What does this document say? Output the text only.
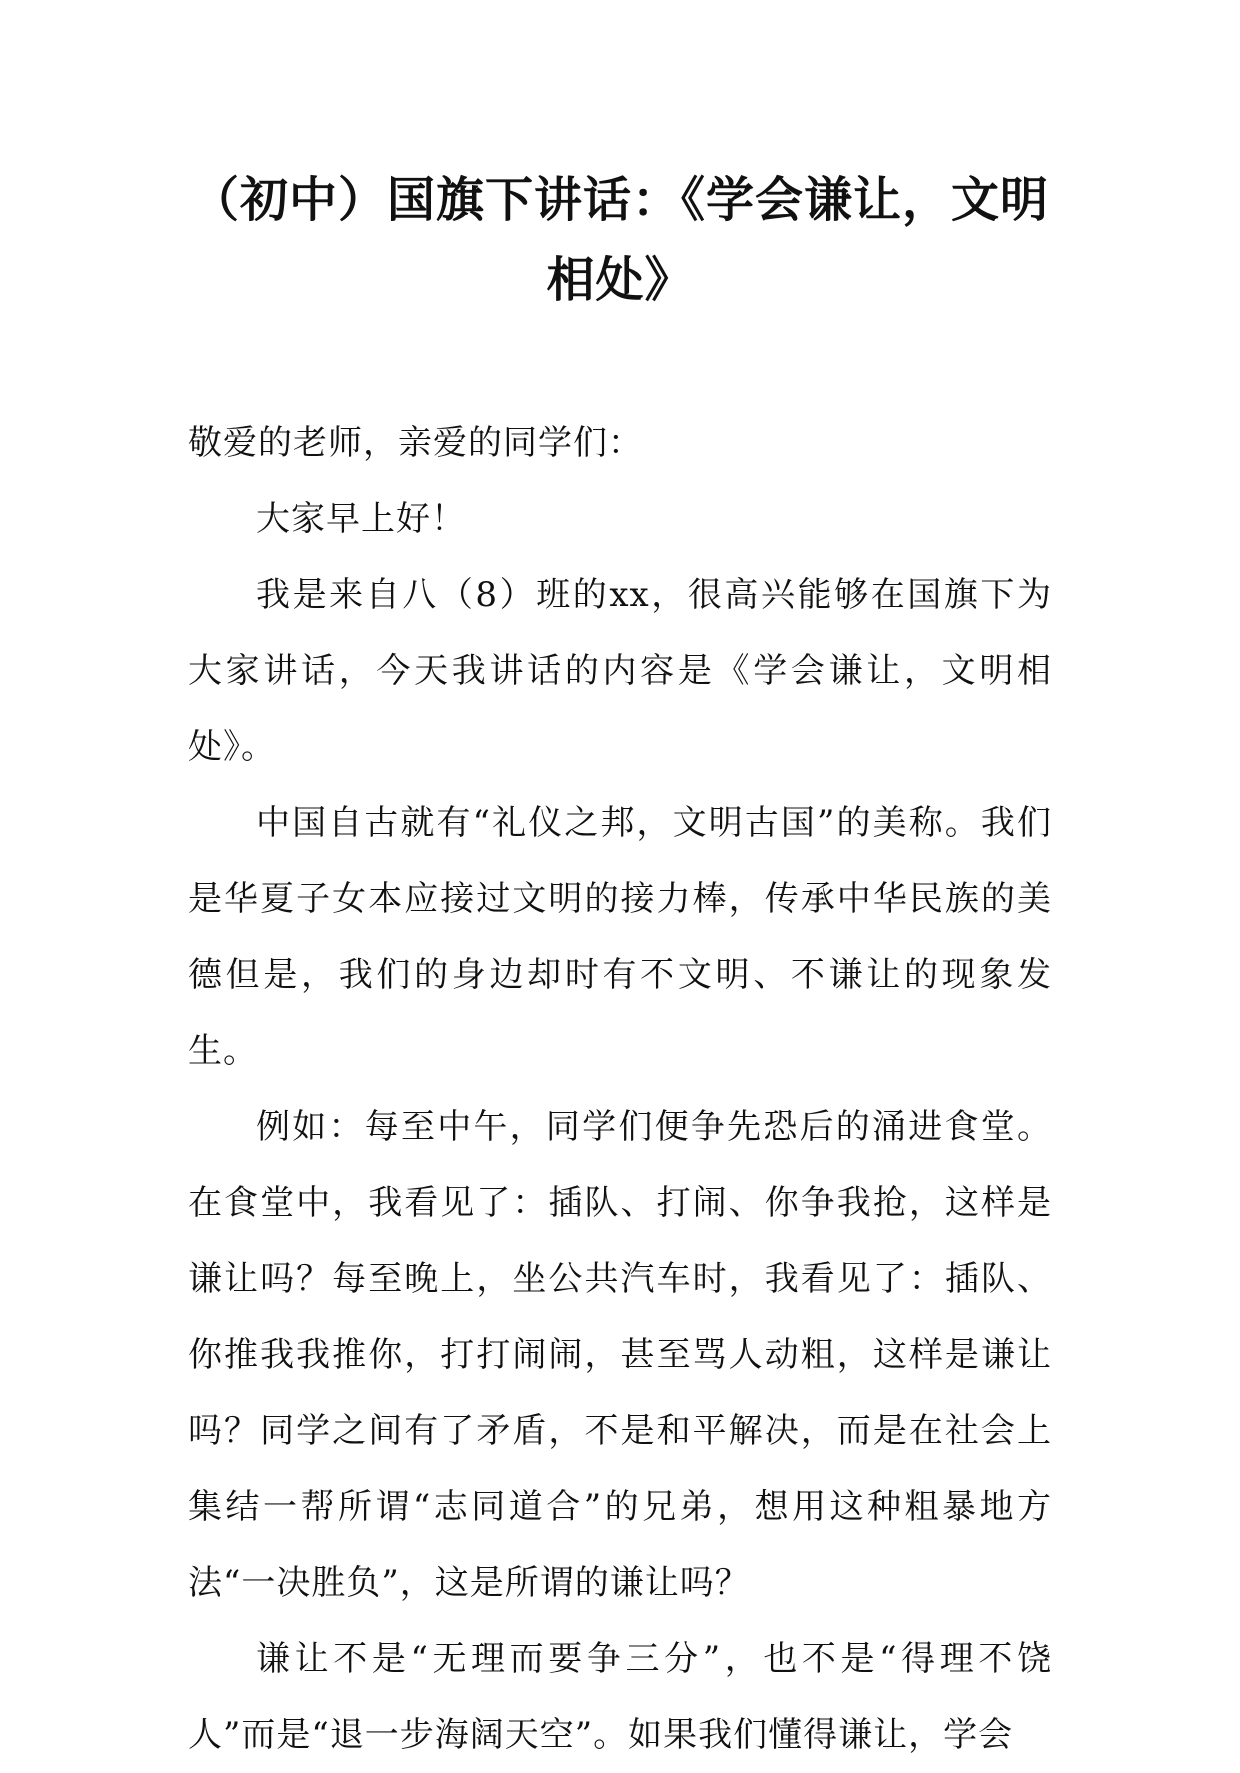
（初中）国旗下讲话：《学会谦让，文明相处》

敬爱的老师，亲爱的同学们：

大家早上好！

我是来自八（8）班的xx，很高兴能够在国旗下为大家讲话，今天我讲话的内容是《学会谦让，文明相处》。

中国自古就有“礼仪之邦，文明古国”的美称。我们是华夏子女本应接过文明的接力棒，传承中华民族的美德但是，我们的身边却时有不文明、不谦让的现象发生。

例如：每至中午，同学们便争先恐后的涌进食堂。在食堂中，我看见了：插队、打闹、你争我抢，这样是谦让吗？每至晚上，坐公共汽车时，我看见了：插队、你推我我推你，打打闹闹，甚至骂人动粗，这样是谦让吗？同学之间有了矛盾，不是和平解决，而是在社会上集结一帮所谓“志同道合”的兄弟，想用这种粗暴地方法“一决胜负”，这是所谓的谦让吗？

谦让不是“无理而要争三分”，也不是“得理不饶人”而是“退一步海阔天空”。如果我们懂得谦让，学会
